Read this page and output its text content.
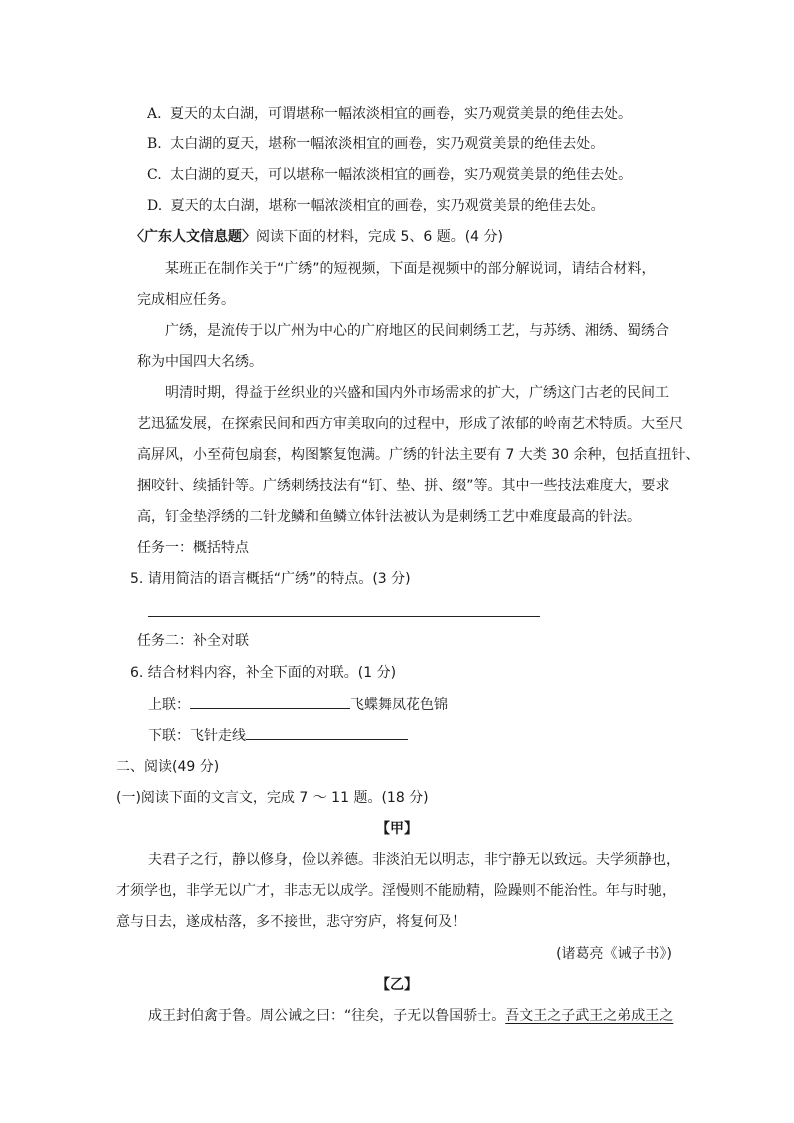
A. 夏天的太白湖，可谓堪称一幅浓淡相宜的画卷，实乃观赏美景的绝佳去处。
B. 太白湖的夏天，堪称一幅浓淡相宜的画卷，实乃观赏美景的绝佳去处。
C. 太白湖的夏天，可以堪称一幅浓淡相宜的画卷，实乃观赏美景的绝佳去处。
D. 夏天的太白湖，堪称一幅浓淡相宜的画卷，实乃观赏美景的绝佳去处。
〈广东人文信息题〉阅读下面的材料，完成 5、6 题。(4 分)
某班正在制作关于“广绣”的短视频，下面是视频中的部分解说词，请结合材料，
完成相应任务。
广绣，是流传于以广州为中心的广府地区的民间刺绣工艺，与苏绣、湘绣、蜀绣合
称为中国四大名绣。
明清时期，得益于丝织业的兴盛和国内外市场需求的扩大，广绣这门古老的民间工
艺迅猛发展，在探索民间和西方审美取向的过程中，形成了浓郁的岭南艺术特质。大至尺
高屏风，小至荷包扇套，构图繁复饱满。广绣的针法主要有 7 大类 30 余种，包括直扭针、
捆咬针、续插针等。广绣刺绣技法有“钉、垫、拼、缀”等。其中一些技法难度大，要求
高，钉金垫浮绣的二针龙鳞和鱼鳞立体针法被认为是刺绣工艺中难度最高的针法。
任务一：概括特点
5. 请用简洁的语言概括“广绣”的特点。(3 分)
任务二：补全对联
6. 结合材料内容，补全下面的对联。(1 分)
上联：	飞蝶舞凤花色锦
下联：飞针走线
二、阅读(49 分)
(一)阅读下面的文言文，完成 7 ～ 11 题。(18 分)
【甲】
夫君子之行，静以修身，俭以养德。非淡泊无以明志，非宁静无以致远。夫学须静也，
才须学也，非学无以广才，非志无以成学。淫慢则不能励精，险躁则不能治性。年与时驰，
意与日去，遂成枯落，多不接世，悲守穷庐，将复何及！
(诸葛亮《诫子书》)
【乙】
成王封伯禽于鲁。周公诫之曰：“往矣，子无以鲁国骄士。吾文王之子武王之弟成王之
